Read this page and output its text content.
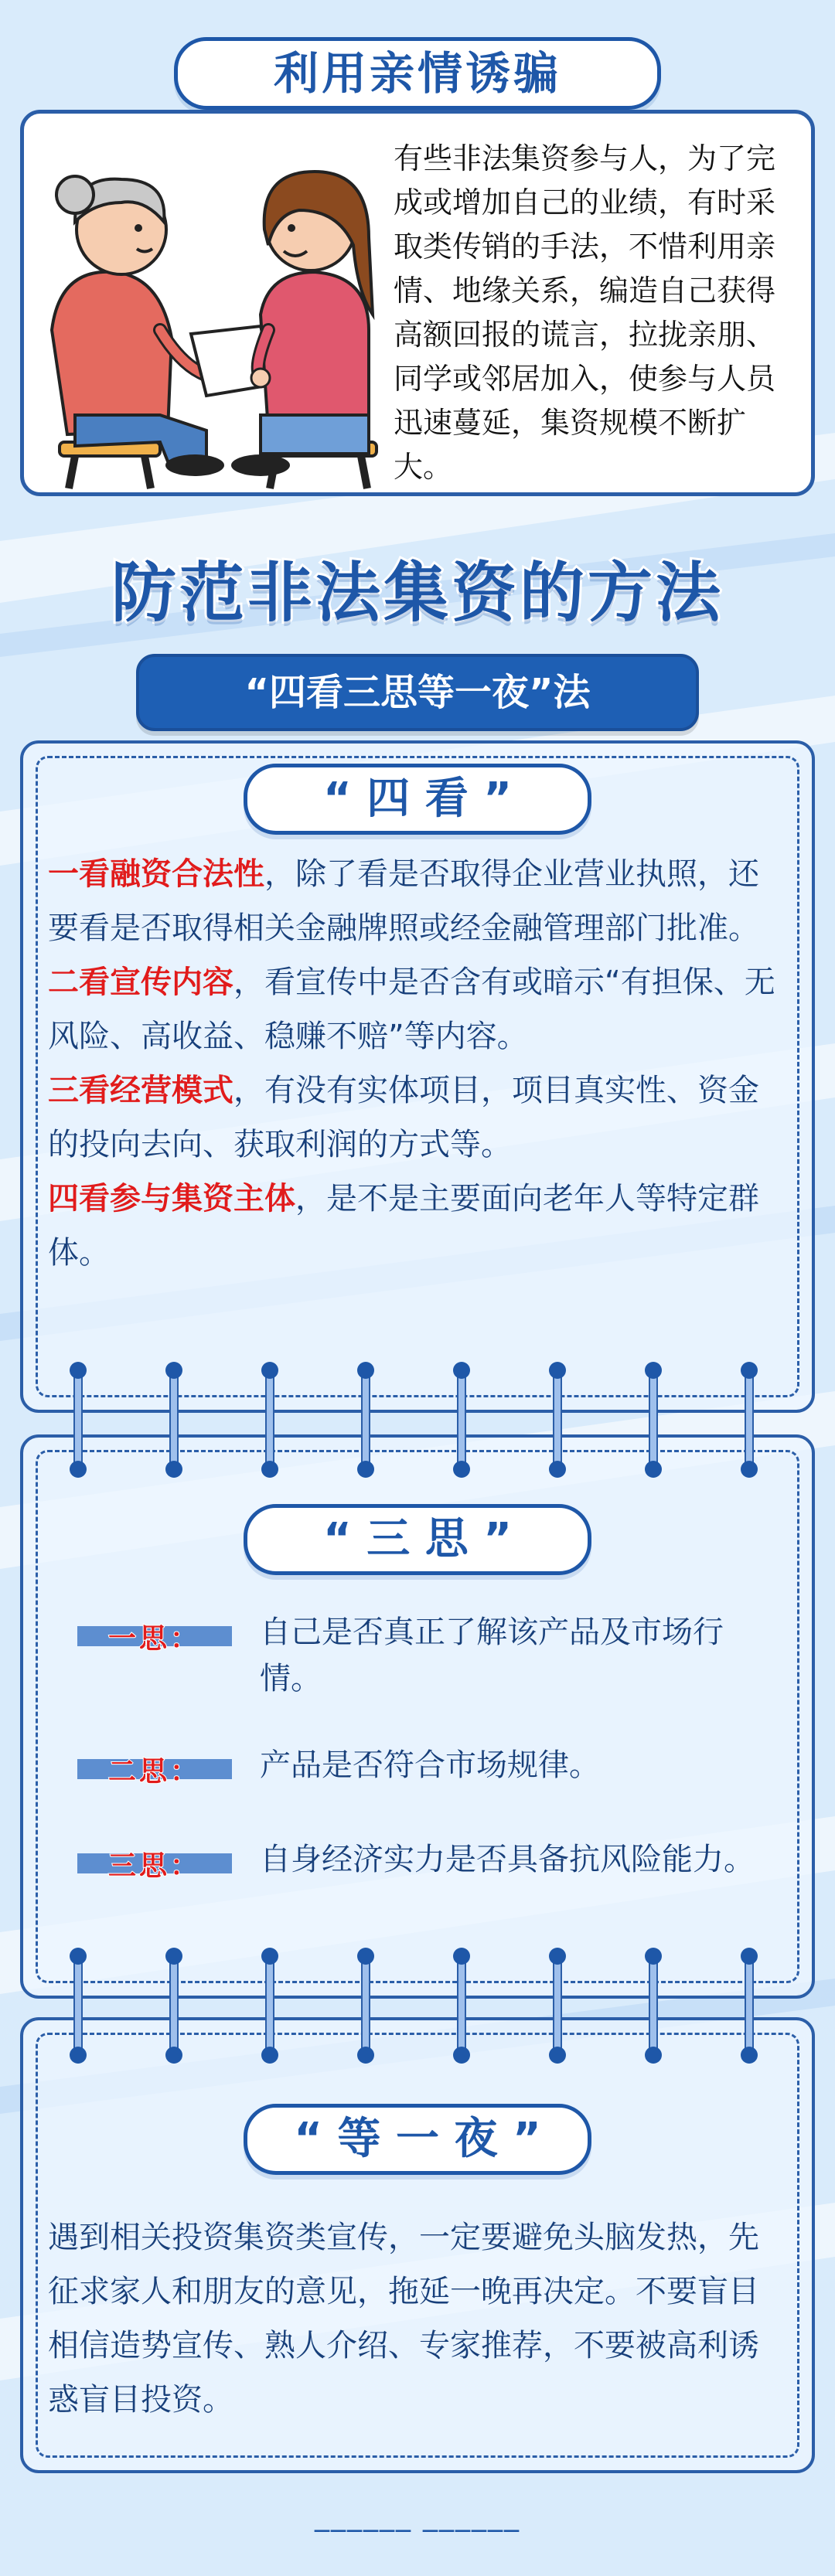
利用亲情诱骗
有些非法集资参与人，为了完成或增加自己的业绩，有时采取类传销的手法，不惜利用亲情、地缘关系，编造自己获得高额回报的谎言，拉拢亲朋、同学或邻居加入，使参与人员迅速蔓延，集资规模不断扩大。
防范非法集资的方法
“四看三思等一夜”法
“ 四 看 ”

一看融资合法性，除了看是否取得企业营业执照，还要看是否取得相关金融牌照或经金融管理部门批准。

二看宣传内容，看宣传中是否含有或暗示“有担保、无风险、高收益、稳赚不赔”等内容。

三看经营模式，有没有实体项目，项目真实性、资金的投向去向、获取利润的方式等。

四看参与集资主体，是不是主要面向老年人等特定群体。

“ 三 思 ”
一思：	自己是否真正了解该产品及市场行情。
二思：	产品是否符合市场规律。
三思：	自身经济实力是否具备抗风险能力。
“ 等 一 夜 ”
遇到相关投资集资类宣传，一定要避免头脑发热，先征求家人和朋友的意见，拖延一晚再决定。不要盲目相信造势宣传、熟人介绍、专家推荐，不要被高利诱惑盲目投资。
______ ______
